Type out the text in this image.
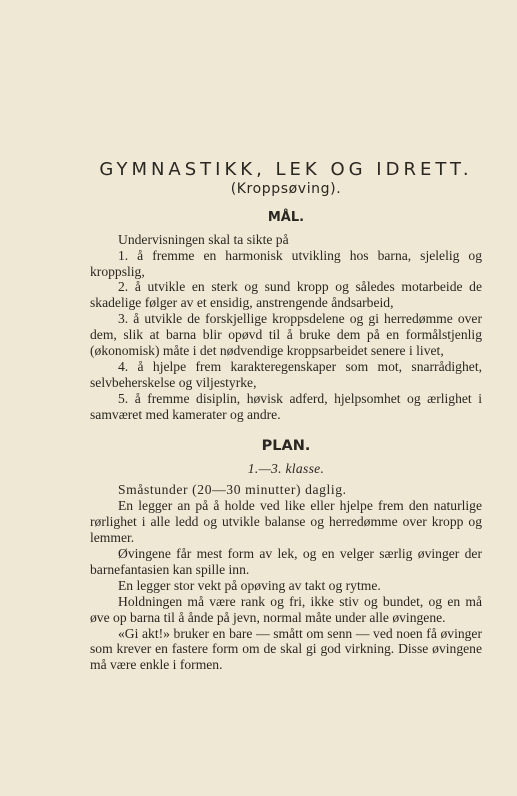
GYMNASTIKK, LEK OG IDRETT.
(Kroppsøving).
MÅL.

Undervisningen skal ta sikte på

1. å fremme en harmonisk utvikling hos barna, sjelelig og kroppslig,

2. å utvikle en sterk og sund kropp og således motarbeide de skadelige følger av et ensidig, anstrengende åndsarbeid,

3. å utvikle de forskjellige kroppsdelene og gi herredømme over dem, slik at barna blir opøvd til å bruke dem på en formålstjenlig (økonomisk) måte i det nødvendige kroppsarbeidet senere i livet,

4. å hjelpe frem karakteregenskaper som mot, snarrådighet, selvbeherskelse og viljestyrke,

5. å fremme disiplin, høvisk adferd, hjelpsomhet og ærlighet i samværet med kamerater og andre.

PLAN.
1.—3. klasse.

Småstunder (20—30 minutter) daglig.

En legger an på å holde ved like eller hjelpe frem den naturlige rørlighet i alle ledd og utvikle balanse og herredømme over kropp og lemmer.

Øvingene får mest form av lek, og en velger særlig øvinger der barnefantasien kan spille inn.

En legger stor vekt på opøving av takt og rytme.

Holdningen må være rank og fri, ikke stiv og bundet, og en må øve op barna til å ånde på jevn, normal måte under alle øvingene.

«Gi akt!» bruker en bare — smått om senn — ved noen få øvinger som krever en fastere form om de skal gi god virkning. Disse øvingene må være enkle i formen.
